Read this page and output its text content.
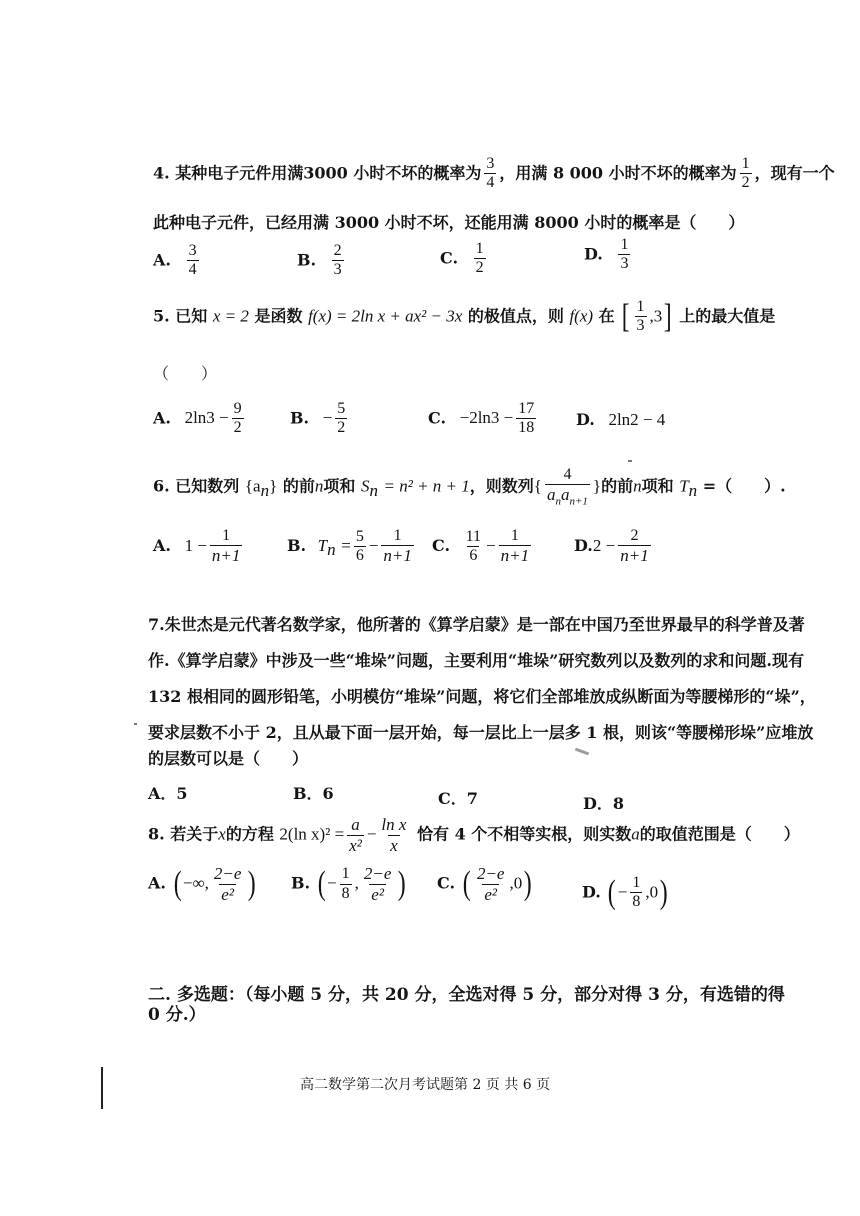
4. 某种电子元件用满3000 小时不坏的概率为 $\frac{3}{4}$ ，用满 8 000 小时不坏的概率为 $\frac{1}{2}$ ，现有一个
此种电子元件，已经用满 3000 小时不坏，还能用满 8000 小时的概率是（　　）
A. $\frac{3}{4}$	B. $\frac{2}{3}$	C. $\frac{1}{2}$	D. $\frac{1}{3}$
5. 已知 x = 2 是函数 f(x) = 2ln x + ax² − 3x 的极值点，则 f(x) 在 [ $\frac{1}{3} ,3$] 上的最大值是
（　　）
A. $2\ln 3 - \frac{9}{2}$	B. − $\frac{5}{2}$	C. $-2\ln 3 - \frac{17}{18} D$. 2ln2 − 4
6. 已知数列 $\{a_n\}$ 的前n项和 $S_n = n^2 + n + 1$，则数列{ $\frac{4}{a_na_{n+1}}$ }的前n项和 $T_n$ =（　　）.
A. $1 - \frac{1}{n+1}$	B. $T_n = \frac{5}{6} - \frac{1}{n+1} C$. $\frac{11}{6} - \frac{1}{n+1}$	$D.2 - \frac{2}{n+1}$
7.朱世杰是元代著名数学家，他所著的《算学启蒙》是一部在中国乃至世界最早的科学普及著
作.《算学启蒙》中涉及一些“堆垛”问题，主要利用“堆垛”研究数列以及数列的求和问题.现有
132 根相同的圆形铅笔，小明模仿“堆垛”问题，将它们全部堆放成纵断面为等腰梯形的“垛”，
要求层数不小于 2，且从最下面一层开始，每一层比上一层多 1 根，则该“等腰梯形垛”应堆放
的层数可以是（　　）
A．5	B．6	C．7	D．8
8. 若关于x的方程 2(ln $x)^2 = \frac{a}{\text{x²}} - \frac{\text{ln x}}{x}$ 恰有 4 个不相等实根，则实数a的取值范围是（　　）
A. (−∞, $\frac{2-e}{\text{e²}}$ ) B. (− $\frac{1}{8}$ , $\frac{2-e}{\text{e²}}$ ) C. ( $\frac{2-e}{\text{e²}} ,0$)	D. (− $\frac{1}{8} ,0$)
二. 多选题：（每小题 5 分，共 20 分，全选对得 5 分，部分对得 3 分，有选错的得
0 分.）
高二数学第二次月考试题第 2 页 共 6 页
